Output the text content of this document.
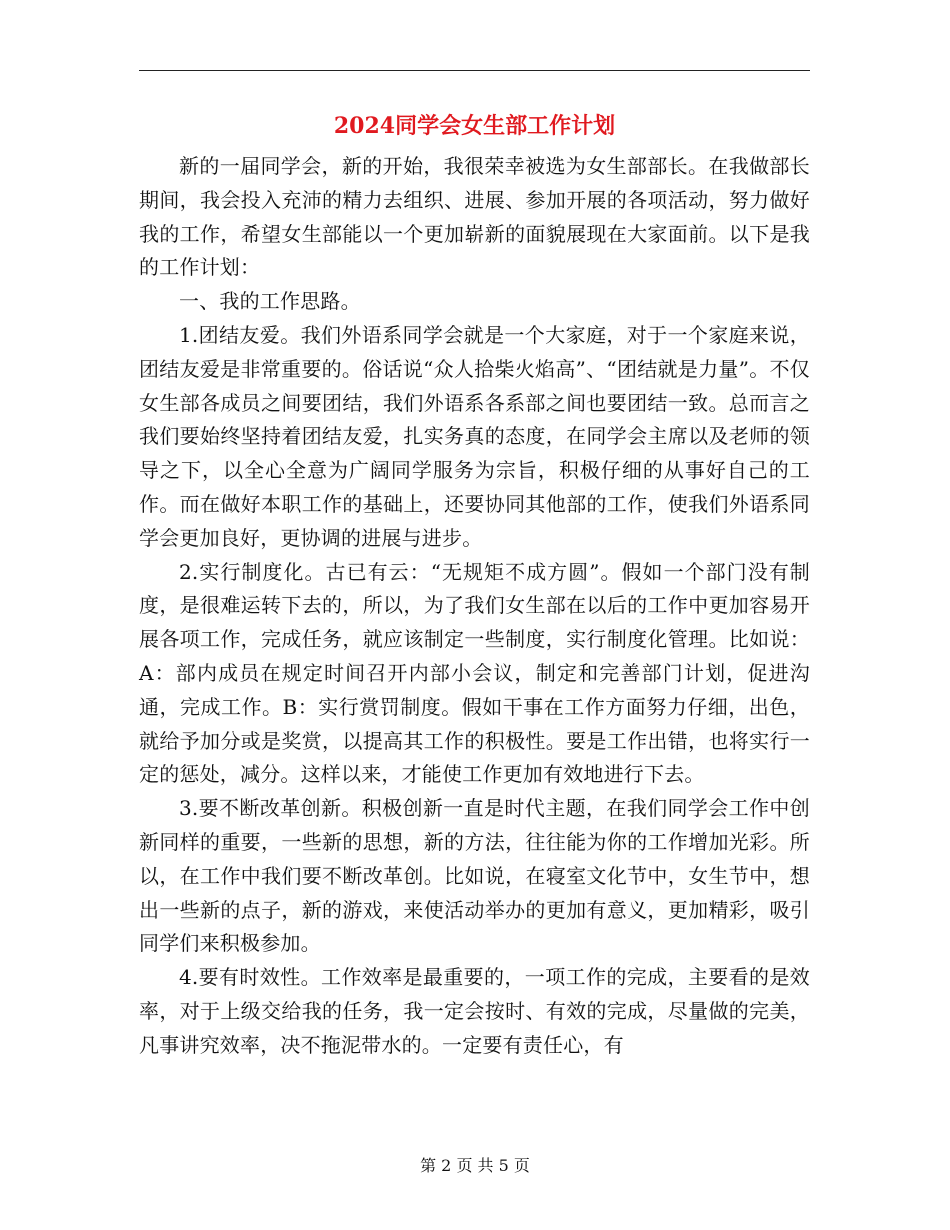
2024同学会女生部工作计划

新的一届同学会，新的开始，我很荣幸被选为女生部部长。在我做部长期间，我会投入充沛的精力去组织、进展、参加开展的各项活动，努力做好我的工作，希望女生部能以一个更加崭新的面貌展现在大家面前。以下是我的工作计划：

一、我的工作思路。

1.团结友爱。我们外语系同学会就是一个大家庭，对于一个家庭来说，团结友爱是非常重要的。俗话说“众人拾柴火焰高”、“团结就是力量”。不仅女生部各成员之间要团结，我们外语系各系部之间也要团结一致。总而言之我们要始终坚持着团结友爱，扎实务真的态度，在同学会主席以及老师的领导之下，以全心全意为广阔同学服务为宗旨，积极仔细的从事好自己的工作。而在做好本职工作的基础上，还要协同其他部的工作，使我们外语系同学会更加良好，更协调的进展与进步。

2.实行制度化。古已有云：“无规矩不成方圆”。假如一个部门没有制度，是很难运转下去的，所以，为了我们女生部在以后的工作中更加容易开展各项工作，完成任务，就应该制定一些制度，实行制度化管理。比如说：A：部内成员在规定时间召开内部小会议，制定和完善部门计划，促进沟通，完成工作。B：实行赏罚制度。假如干事在工作方面努力仔细，出色，就给予加分或是奖赏，以提高其工作的积极性。要是工作出错，也将实行一定的惩处，减分。这样以来，才能使工作更加有效地进行下去。

3.要不断改革创新。积极创新一直是时代主题，在我们同学会工作中创新同样的重要，一些新的思想，新的方法，往往能为你的工作增加光彩。所以，在工作中我们要不断改革创。比如说，在寝室文化节中，女生节中，想出一些新的点子，新的游戏，来使活动举办的更加有意义，更加精彩，吸引同学们来积极参加。

4.要有时效性。工作效率是最重要的，一项工作的完成，主要看的是效率，对于上级交给我的任务，我一定会按时、有效的完成，尽量做的完美，凡事讲究效率，决不拖泥带水的。一定要有责任心，有

第 2 页 共 5 页
